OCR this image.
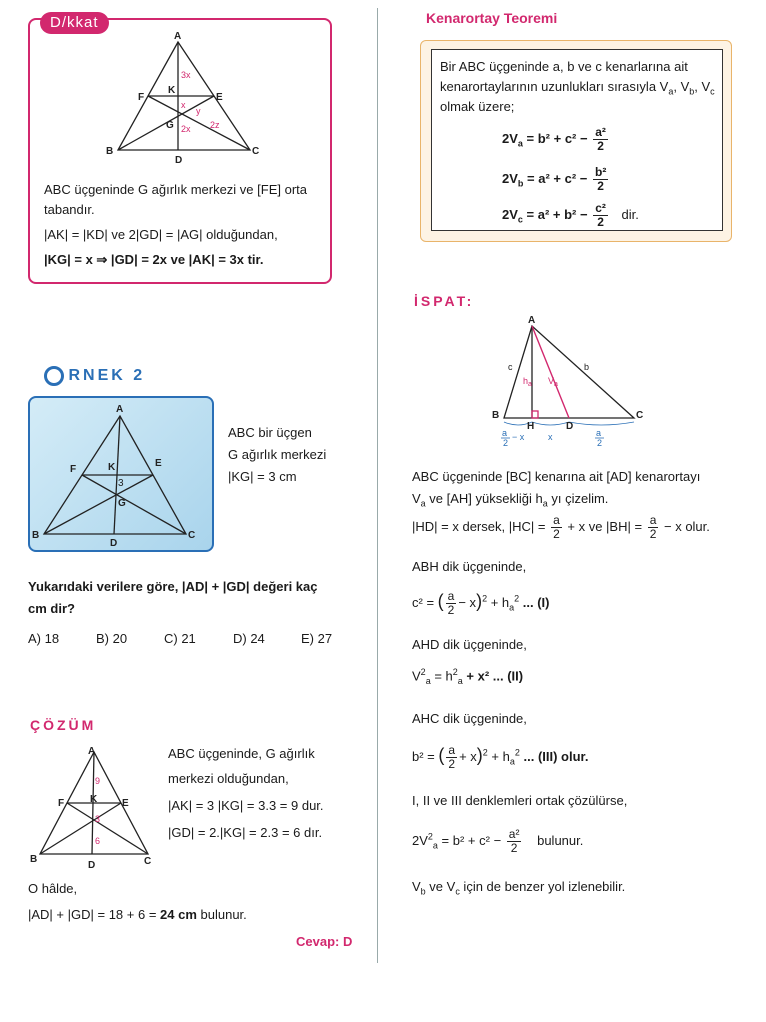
D/kkat
A
B	C
D
E
F
K
G
3x
x
2x
y
2z
ABC üçgeninde G ağırlık merkezi ve [FE] orta
tabandır.
|AK| = |KD| ve 2|GD| = |AG| olduğundan,
|KG| = x ⇒ |GD| = 2x ve |AK| = 3x tir.
Kenarortay Teoremi
Bir ABC üçgeninde a, b ve c kenarlarına ait
kenarortaylarının uzunlukları sırasıyla $V_a$, $V_b$, $V_c$
olmak üzere;
$2V_a = b^2 + c^2 - \frac{\text{a²}}{2}$
$2V_b = a^2 + c^2 - \frac{\text{b²}}{2}$
$2V_c = a^2 + b^2 - \frac{\text{c²}}{2}$ dir.
RNEK 2
A
B	C
D
E
F	K
G
3
ABC bir üçgen
G ağırlık merkezi
|KG| = 3 cm
Yukarıdaki verilere göre, |AD| + |GD| değeri kaç
cm dir?
A) 18	B) 20	C) 21	D) 24	E) 27
ÇÖZÜM
A
B	C
D
E
F	K
9
3
6
ABC üçgeninde, G ağırlık
merkezi olduğundan,
|AK| = 3 |KG| = 3.3 = 9 dur.
|GD| = 2.|KG| = 2.3 = 6 dır.
O hâlde,
|AD| + |GD| = 18 + 6 = 24 cm bulunur.
Cevap: D
İSPAT:
A
B	C
H	D
c	b
$h_a$ $V_a$
a
2
− x	x	a
2
ABC üçgeninde [BC] kenarına ait [AD] kenarortayı
$V_a$ ve [AH] yüksekliği $h_a$ yı çizelim.
|HD| = x dersek, $|HC| = \frac{a}{2} + x$ ve $|BH| = \frac{a}{2} - x$ olur.
ABH dik üçgeninde,
c² = ( $\frac{a}{2} - x)^2 + h_a^2$ ... (I)
AHD dik üçgeninde,
$V^2_a = h^2_a + x^2$ ... (II)
AHC dik üçgeninde,
b² = ( $\frac{a}{2} + x)^2 + h_a^2$ ... (III) olur.
I, II ve III denklemleri ortak çözülürse,
$2V^2_a = b^2 + c^2 - \frac{\text{a²}}{2}$ bulunur.
$V_b$ ve $V_c$ için de benzer yol izlenebilir.
